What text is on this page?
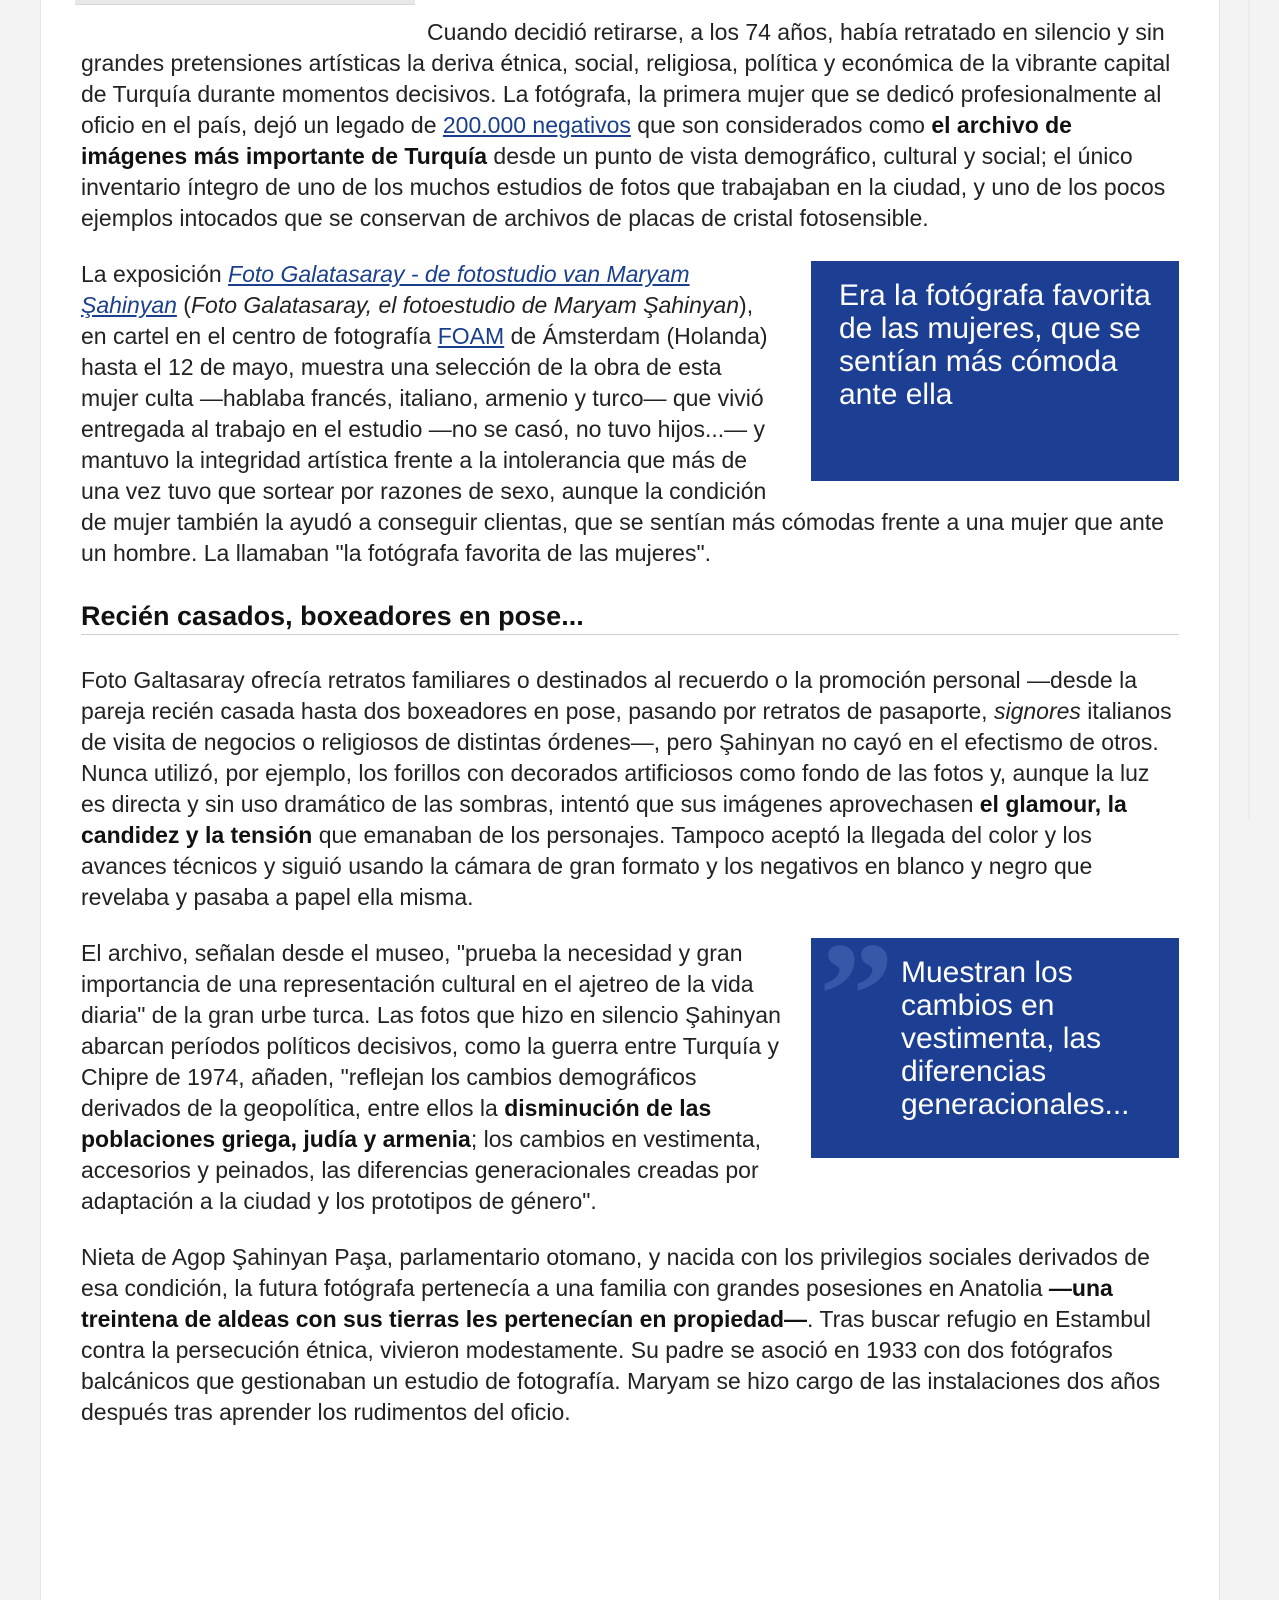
Cuando decidió retirarse, a los 74 años, había retratado en silencio y sin grandes pretensiones artísticas la deriva étnica, social, religiosa, política y económica de la vibrante capital de Turquía durante momentos decisivos. La fotógrafa, la primera mujer que se dedicó profesionalmente al oficio en el país, dejó un legado de 200.000 negativos que son considerados como el archivo de imágenes más importante de Turquía desde un punto de vista demográfico, cultural y social; el único inventario íntegro de uno de los muchos estudios de fotos que trabajaban en la ciudad, y uno de los pocos ejemplos intocados que se conservan de archivos de placas de cristal fotosensible.

Era la fotógrafa favorita de las mujeres, que se sentían más cómoda ante ella

La exposición Foto Galatasaray - de fotostudio van Maryam Şahinyan (Foto Galatasaray, el fotoestudio de Maryam Şahinyan), en cartel en el centro de fotografía FOAM de Ámsterdam (Holanda) hasta el 12 de mayo, muestra una selección de la obra de esta mujer culta —hablaba francés, italiano, armenio y turco— que vivió entregada al trabajo en el estudio —no se casó, no tuvo hijos...— y mantuvo la integridad artística frente a la intolerancia que más de una vez tuvo que sortear por razones de sexo, aunque la condición de mujer también la ayudó a conseguir clientas, que se sentían más cómodas frente a una mujer que ante un hombre. La llamaban "la fotógrafa favorita de las mujeres".

Recién casados, boxeadores en pose...

Foto Galtasaray ofrecía retratos familiares o destinados al recuerdo o la promoción personal —desde la pareja recién casada hasta dos boxeadores en pose, pasando por retratos de pasaporte, signores italianos de visita de negocios o religiosos de distintas órdenes—, pero Şahinyan no cayó en el efectismo de otros. Nunca utilizó, por ejemplo, los forillos con decorados artificiosos como fondo de las fotos y, aunque la luz es directa y sin uso dramático de las sombras, intentó que sus imágenes aprovechasen el glamour, la candidez y la tensión que emanaban de los personajes. Tampoco aceptó la llegada del color y los avances técnicos y siguió usando la cámara de gran formato y los negativos en blanco y negro que revelaba y pasaba a papel ella misma.

” Muestran los cambios en vestimenta, las diferencias generacionales...

El archivo, señalan desde el museo, "prueba la necesidad y gran importancia de una representación cultural en el ajetreo de la vida diaria" de la gran urbe turca. Las fotos que hizo en silencio Şahinyan abarcan períodos políticos decisivos, como la guerra entre Turquía y Chipre de 1974, añaden, "reflejan los cambios demográficos derivados de la geopolítica, entre ellos la disminución de las poblaciones griega, judía y armenia; los cambios en vestimenta, accesorios y peinados, las diferencias generacionales creadas por adaptación a la ciudad y los prototipos de género".

Nieta de Agop Şahinyan Paşa, parlamentario otomano, y nacida con los privilegios sociales derivados de esa condición, la futura fotógrafa pertenecía a una familia con grandes posesiones en Anatolia —una treintena de aldeas con sus tierras les pertenecían en propiedad—. Tras buscar refugio en Estambul contra la persecución étnica, vivieron modestamente. Su padre se asoció en 1933 con dos fotógrafos balcánicos que gestionaban un estudio de fotografía. Maryam se hizo cargo de las instalaciones dos años después tras aprender los rudimentos del oficio.
